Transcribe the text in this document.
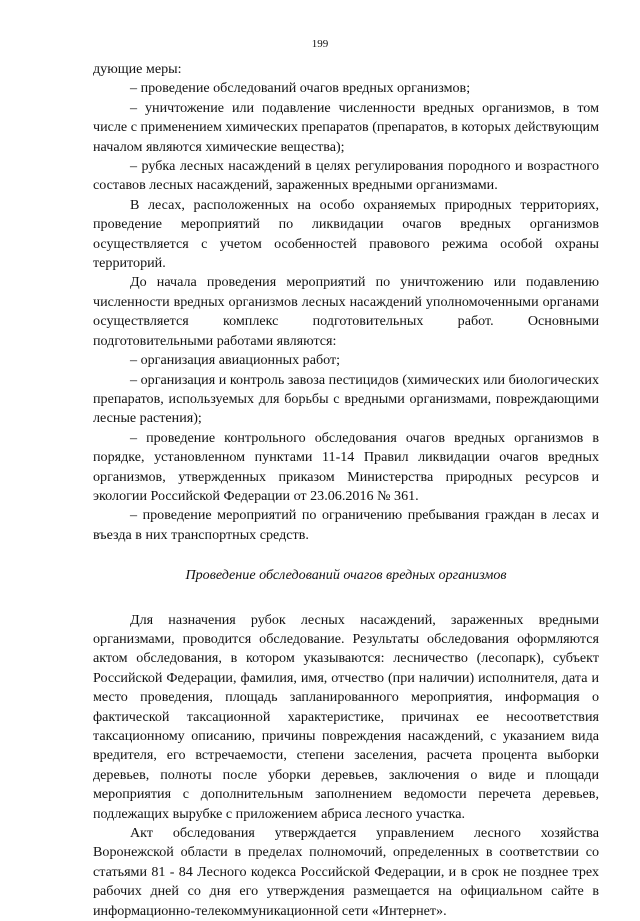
199

дующие меры:

– проведение обследований очагов вредных организмов;

– уничтожение или подавление численности вредных организмов, в том числе с применением химических препаратов (препаратов, в которых действующим началом являются химические вещества);

– рубка лесных насаждений в целях регулирования породного и возрастного составов лесных насаждений, зараженных вредными организмами.

В лесах, расположенных на особо охраняемых природных территориях, проведение мероприятий по ликвидации очагов вредных организмов осуществляется с учетом особенностей правового режима особой охраны территорий.

До начала проведения мероприятий по уничтожению или подавлению численности вредных организмов лесных насаждений уполномоченными органами осуществляется комплекс подготовительных работ. Основными подготовительными работами являются:

– организация авиационных работ;

– организация и контроль завоза пестицидов (химических или биологических препаратов, используемых для борьбы с вредными организмами, повреждающими лесные растения);

– проведение контрольного обследования очагов вредных организмов в порядке, установленном пунктами 11-14 Правил ликвидации очагов вредных организмов, утвержденных приказом Министерства природных ресурсов и экологии Российской Федерации от 23.06.2016 № 361.

– проведение мероприятий по ограничению пребывания граждан в лесах и въезда в них транспортных средств.

Проведение обследований очагов вредных организмов

Для назначения рубок лесных насаждений, зараженных вредными организмами, проводится обследование. Результаты обследования оформляются актом обследования, в котором указываются: лесничество (лесопарк), субъект Российской Федерации, фамилия, имя, отчество (при наличии) исполнителя, дата и место проведения, площадь запланированного мероприятия, информация о фактической таксационной характеристике, причинах ее несоответствия таксационному описанию, причины повреждения насаждений, с указанием вида вредителя, его встречаемости, степени заселения, расчета процента выборки деревьев, полноты после уборки деревьев, заключения о виде и площади мероприятия с дополнительным заполнением ведомости перечета деревьев, подлежащих вырубке с приложением абриса лесного участка.

Акт обследования утверждается управлением лесного хозяйства Воронежской области в пределах полномочий, определенных в соответствии со статьями 81 - 84 Лесного кодекса Российской Федерации, и в срок не позднее трех рабочих дней со дня его утверждения размещается на официальном сайте в информационно-телекоммуникационной сети «Интернет».
